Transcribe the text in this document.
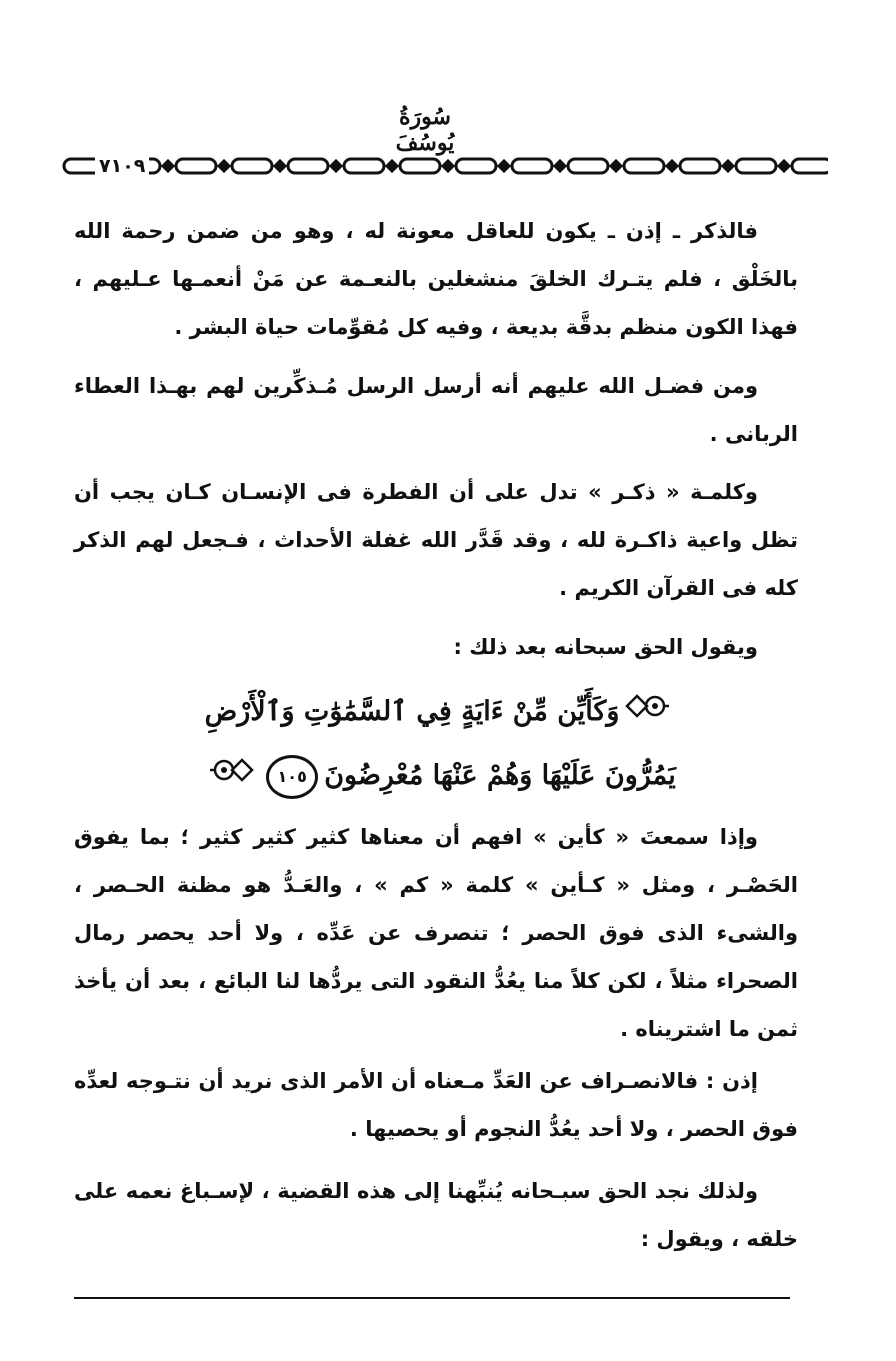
سُورَةُ يُوسُفَ
٧١٠٩
فالذكر ـ إذن ـ يكون للعاقل معونة له ، وهو من ضمن رحمة الله بالخَلْق ، فلم يتـرك الخلقَ منشغلين بالنعـمة عن مَنْ أنعمـها عـليهم ، فهذا الكون منظم بدقَّة بديعة ، وفيه كل مُقوِّمات حياة البشر .
ومن فضـل الله عليهم أنه أرسل الرسل مُـذكِّرين لهم بهـذا العطاء الربانى .
وكلمـة « ذكـر » تدل على أن الفطرة فى الإنسـان كـان يجب أن تظل واعية ذاكـرة لله ، وقد قَدَّر الله غفلة الأحداث ، فـجعل لهم الذكر كله فى القرآن الكريم .
ويقول الحق سبحانه بعد ذلك :
وَكَأَيِّن مِّنْ ءَايَةٍ فِي ٱلسَّمَٰوَٰتِ وَٱلْأَرْضِ
يَمُرُّونَ عَلَيْهَا وَهُمْ عَنْهَا مُعْرِضُونَ١٠٥
وإذا سمعتَ « كأين » افهم أن معناها كثير كثير كثير ؛ بما يفوق الحَصْـر ، ومثل « كـأين » كلمة « كم » ، والعَـدُّ هو مظنة الحـصر ، والشىء الذى فوق الحصر ؛ تنصرف عن عَدِّه ، ولا أحد يحصر رمال الصحراء مثلاً ، لكن كلاً منا يعُدُّ النقود التى يردُّها لنا البائع ، بعد أن يأخذ ثمن ما اشتريناه .
إذن : فالانصـراف عن العَدِّ مـعناه أن الأمر الذى نريد أن نتـوجه لعدِّه فوق الحصر ، ولا أحد يعُدُّ النجوم أو يحصيها .
ولذلك نجد الحق سبـحانه يُنبِّهنا إلى هذه القضية ، لإسـباغ نعمه على خلقه ، ويقول :
